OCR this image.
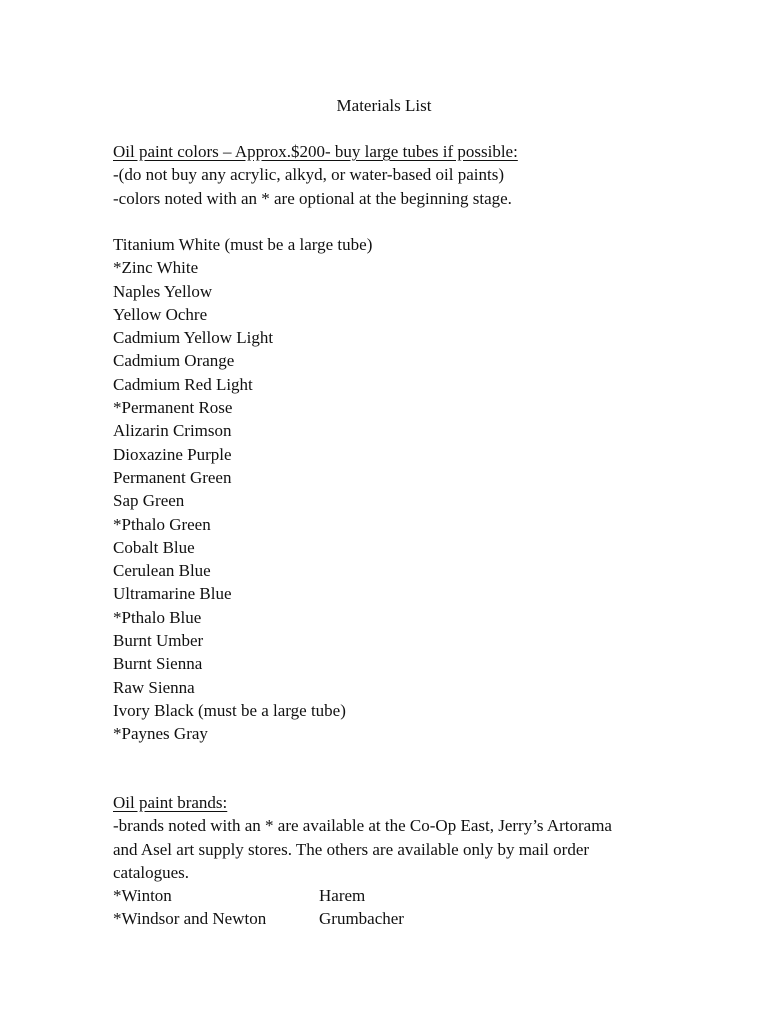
Materials List
Oil paint colors – Approx.$200- buy large tubes if possible:
-(do not buy any acrylic, alkyd, or water-based oil paints)
-colors noted with an * are optional at the beginning stage.
Titanium White (must be a large tube)
*Zinc White
Naples Yellow
Yellow Ochre
Cadmium Yellow Light
Cadmium Orange
Cadmium Red Light
*Permanent Rose
Alizarin Crimson
Dioxazine Purple
Permanent Green
Sap Green
*Pthalo Green
Cobalt Blue
Cerulean Blue
Ultramarine Blue
*Pthalo Blue
Burnt Umber
Burnt Sienna
Raw Sienna
Ivory Black (must be a large tube)
*Paynes Gray
Oil paint brands:
-brands noted with an * are available at the Co-Op East, Jerry’s Artorama
and Asel art supply stores. The others are available only by mail order
catalogues.
*Winton	Harem
*Windsor and Newton	Grumbacher
